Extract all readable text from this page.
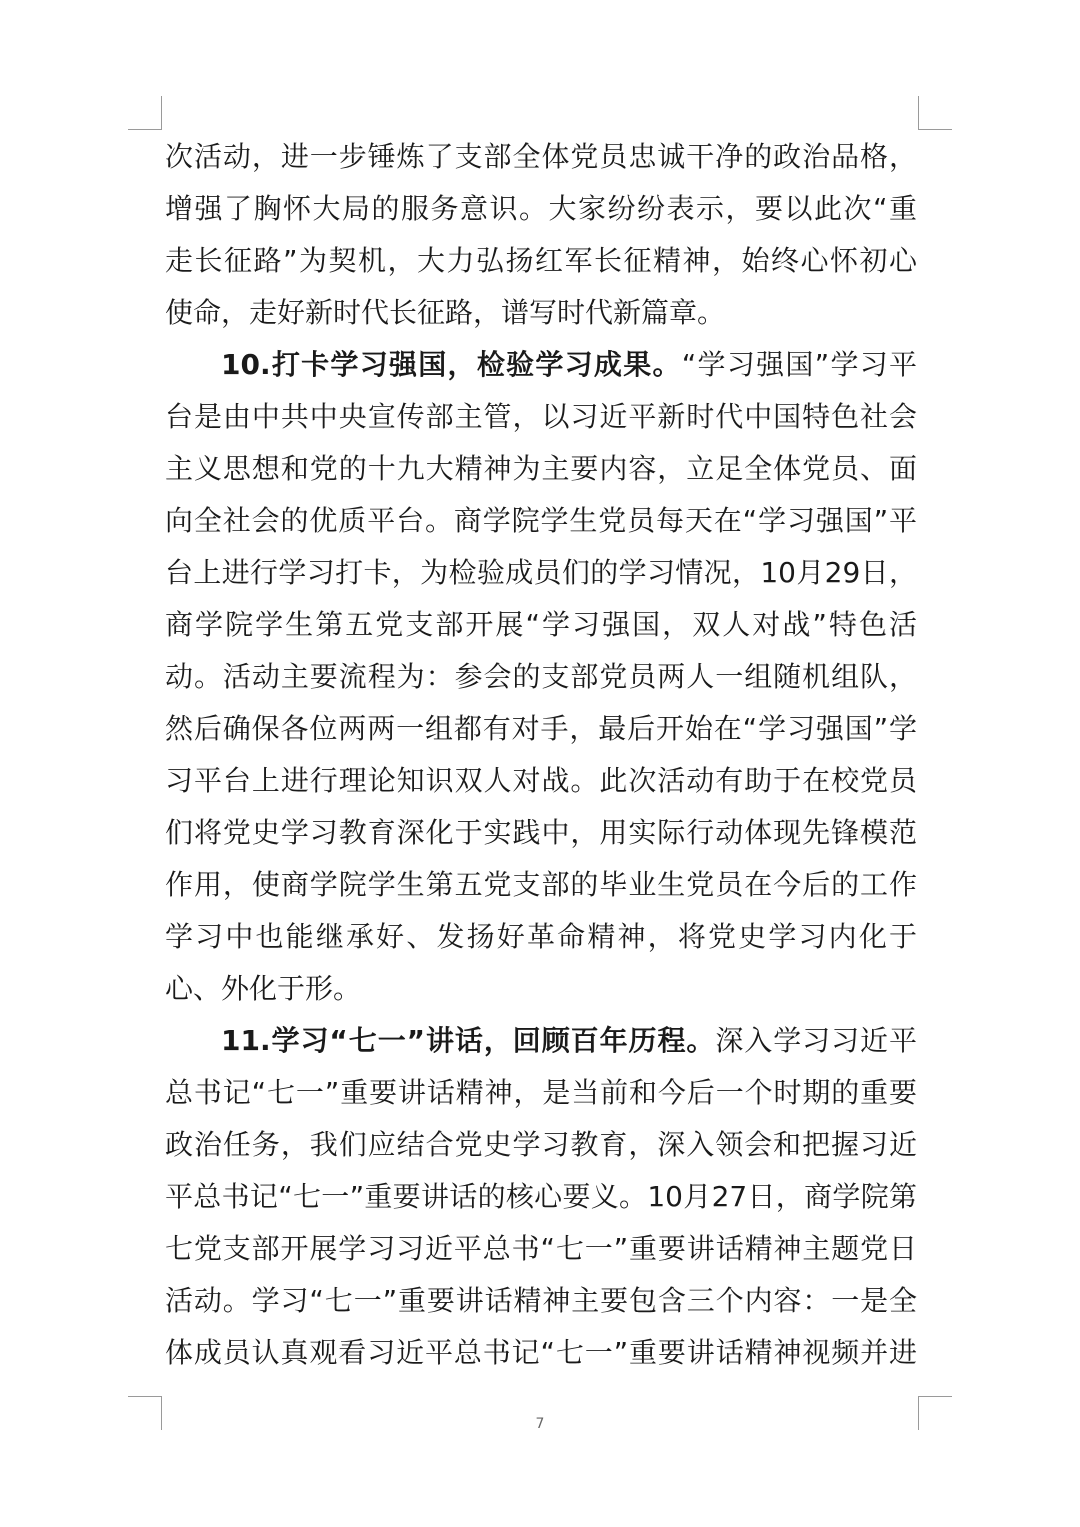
次活动，进一步锤炼了支部全体党员忠诚干净的政治品格，
增强了胸怀大局的服务意识。大家纷纷表示，要以此次“重
走长征路”为契机，大力弘扬红军长征精神，始终心怀初心
使命，走好新时代长征路，谱写时代新篇章。
10.打卡学习强国，检验学习成果。“学习强国”学习平
台是由中共中央宣传部主管，以习近平新时代中国特色社会
主义思想和党的十九大精神为主要内容，立足全体党员、面
向全社会的优质平台。商学院学生党员每天在“学习强国”平
台上进行学习打卡，为检验成员们的学习情况，10月29日，
商学院学生第五党支部开展“学习强国，双人对战”特色活
动。活动主要流程为：参会的支部党员两人一组随机组队，
然后确保各位两两一组都有对手，最后开始在“学习强国”学
习平台上进行理论知识双人对战。此次活动有助于在校党员
们将党史学习教育深化于实践中，用实际行动体现先锋模范
作用，使商学院学生第五党支部的毕业生党员在今后的工作
学习中也能继承好、发扬好革命精神，将党史学习内化于
心、外化于形。
11.学习“七一”讲话，回顾百年历程。深入学习习近平
总书记“七一”重要讲话精神，是当前和今后一个时期的重要
政治任务，我们应结合党史学习教育，深入领会和把握习近
平总书记“七一”重要讲话的核心要义。10月27日，商学院第
七党支部开展学习习近平总书“七一”重要讲话精神主题党日
活动。学习“七一”重要讲话精神主要包含三个内容：一是全
体成员认真观看习近平总书记“七一”重要讲话精神视频并进
7
